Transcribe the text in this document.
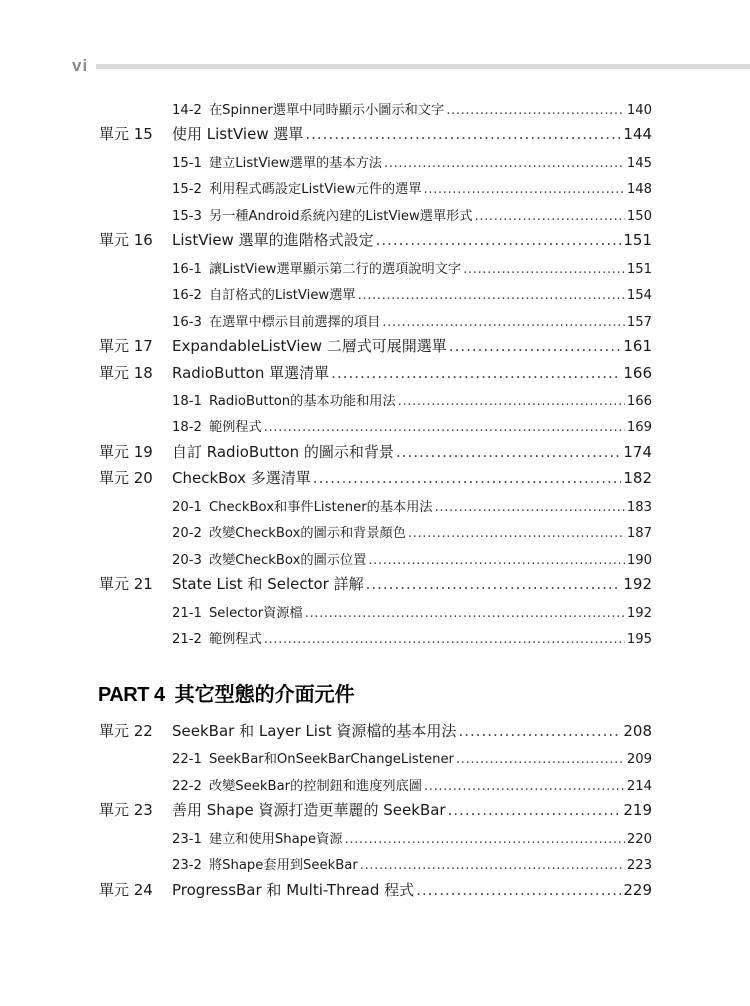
vi
14-2 在Spinner選單中同時顯示小圖示和文字 .....	140
單元 15	使用 ListView 選單 .....	144
15-1 建立ListView選單的基本方法 .....	145
15-2 利用程式碼設定ListView元件的選單 .....	148
15-3 另一種Android系統內建的ListView選單形式 .....	150
單元 16	ListView 選單的進階格式設定 .....	151
16-1 讓ListView選單顯示第二行的選項說明文字 .....	151
16-2 自訂格式的ListView選單 .....	154
16-3 在選單中標示目前選擇的項目 .....	157
單元 17	ExpandableListView 二層式可展開選單 .....	161
單元 18	RadioButton 單選清單 .....	166
18-1 RadioButton的基本功能和用法 .....	166
18-2 範例程式 .....	169
單元 19	自訂 RadioButton 的圖示和背景 .....	174
單元 20	CheckBox 多選清單 .....	182
20-1 CheckBox和事件Listener的基本用法 .....	183
20-2 改變CheckBox的圖示和背景顏色 .....	187
20-3 改變CheckBox的圖示位置 .....	190
單元 21	State List 和 Selector 詳解 .....	192
21-1 Selector資源檔 .....	192
21-2 範例程式 .....	195
單元 22	SeekBar 和 Layer List 資源檔的基本用法 .....	208
22-1 SeekBar和OnSeekBarChangeListener .....	209
22-2 改變SeekBar的控制鈕和進度列底圖 .....	214
單元 23	善用 Shape 資源打造更華麗的 SeekBar .....	219
23-1 建立和使用Shape資源 .....	220
23-2 將Shape套用到SeekBar .....	223
單元 24	ProgressBar 和 Multi-Thread 程式 .....	229
PART 4 其它型態的介面元件
